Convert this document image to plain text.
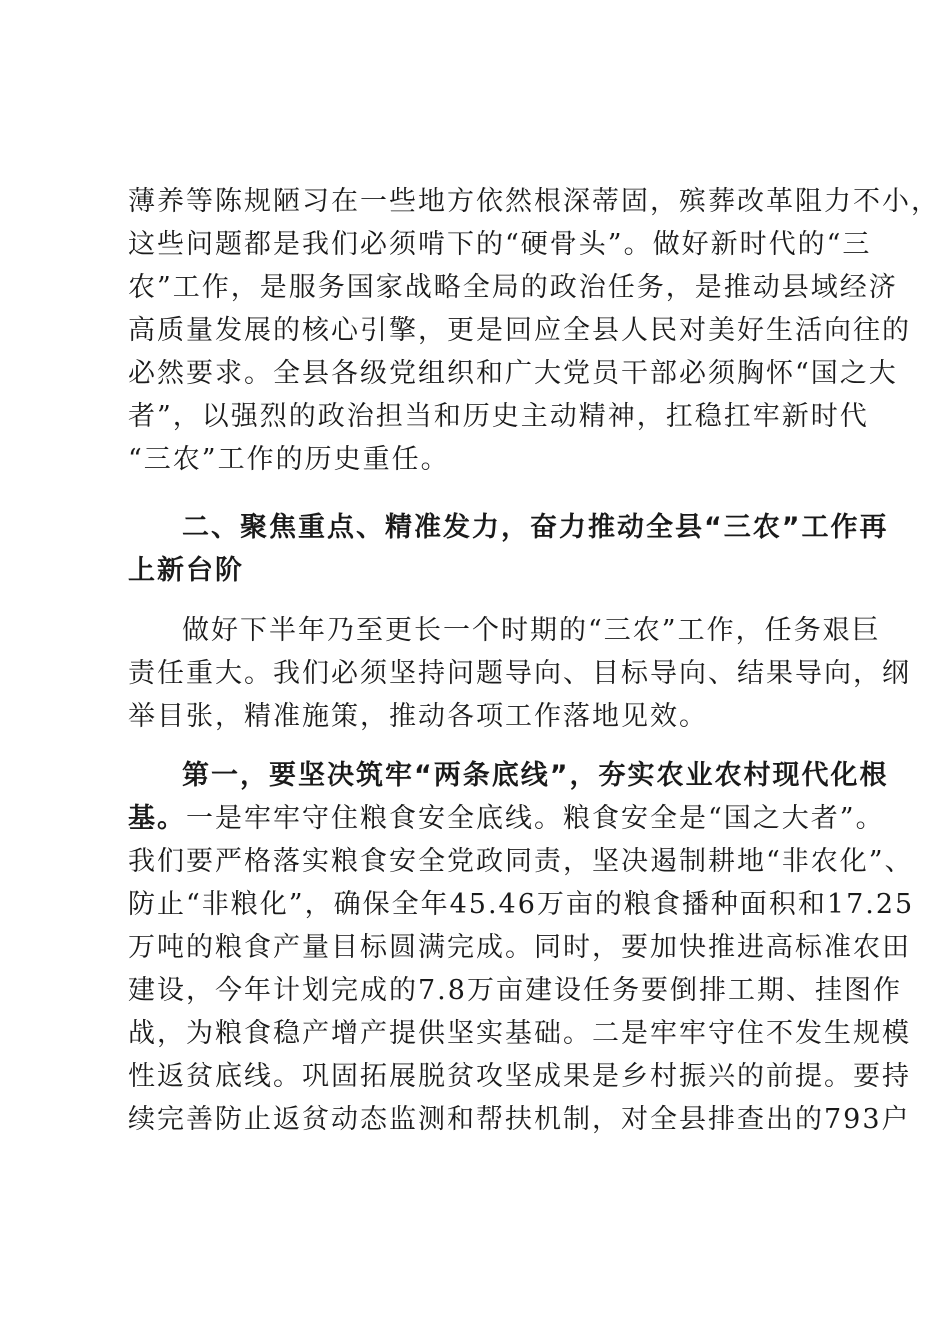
薄养等陈规陋习在一些地方依然根深蒂固，殡葬改革阻力不小，
这些问题都是我们必须啃下的“硬骨头”。做好新时代的“三
农”工作，是服务国家战略全局的政治任务，是推动县域经济
高质量发展的核心引擎，更是回应全县人民对美好生活向往的
必然要求。全县各级党组织和广大党员干部必须胸怀“国之大
者”，以强烈的政治担当和历史主动精神，扛稳扛牢新时代
“三农”工作的历史重任。
二、聚焦重点、精准发力，奋力推动全县“三农”工作再
上新台阶
做好下半年乃至更长一个时期的“三农”工作，任务艰巨
责任重大。我们必须坚持问题导向、目标导向、结果导向，纲
举目张，精准施策，推动各项工作落地见效。
第一，要坚决筑牢“两条底线”，夯实农业农村现代化根
基。一是牢牢守住粮食安全底线。粮食安全是“国之大者”。
我们要严格落实粮食安全党政同责，坚决遏制耕地“非农化”、
防止“非粮化”，确保全年45.46万亩的粮食播种面积和17.25
万吨的粮食产量目标圆满完成。同时，要加快推进高标准农田
建设，今年计划完成的7.8万亩建设任务要倒排工期、挂图作
战，为粮食稳产增产提供坚实基础。二是牢牢守住不发生规模
性返贫底线。巩固拓展脱贫攻坚成果是乡村振兴的前提。要持
续完善防止返贫动态监测和帮扶机制，对全县排查出的793户
